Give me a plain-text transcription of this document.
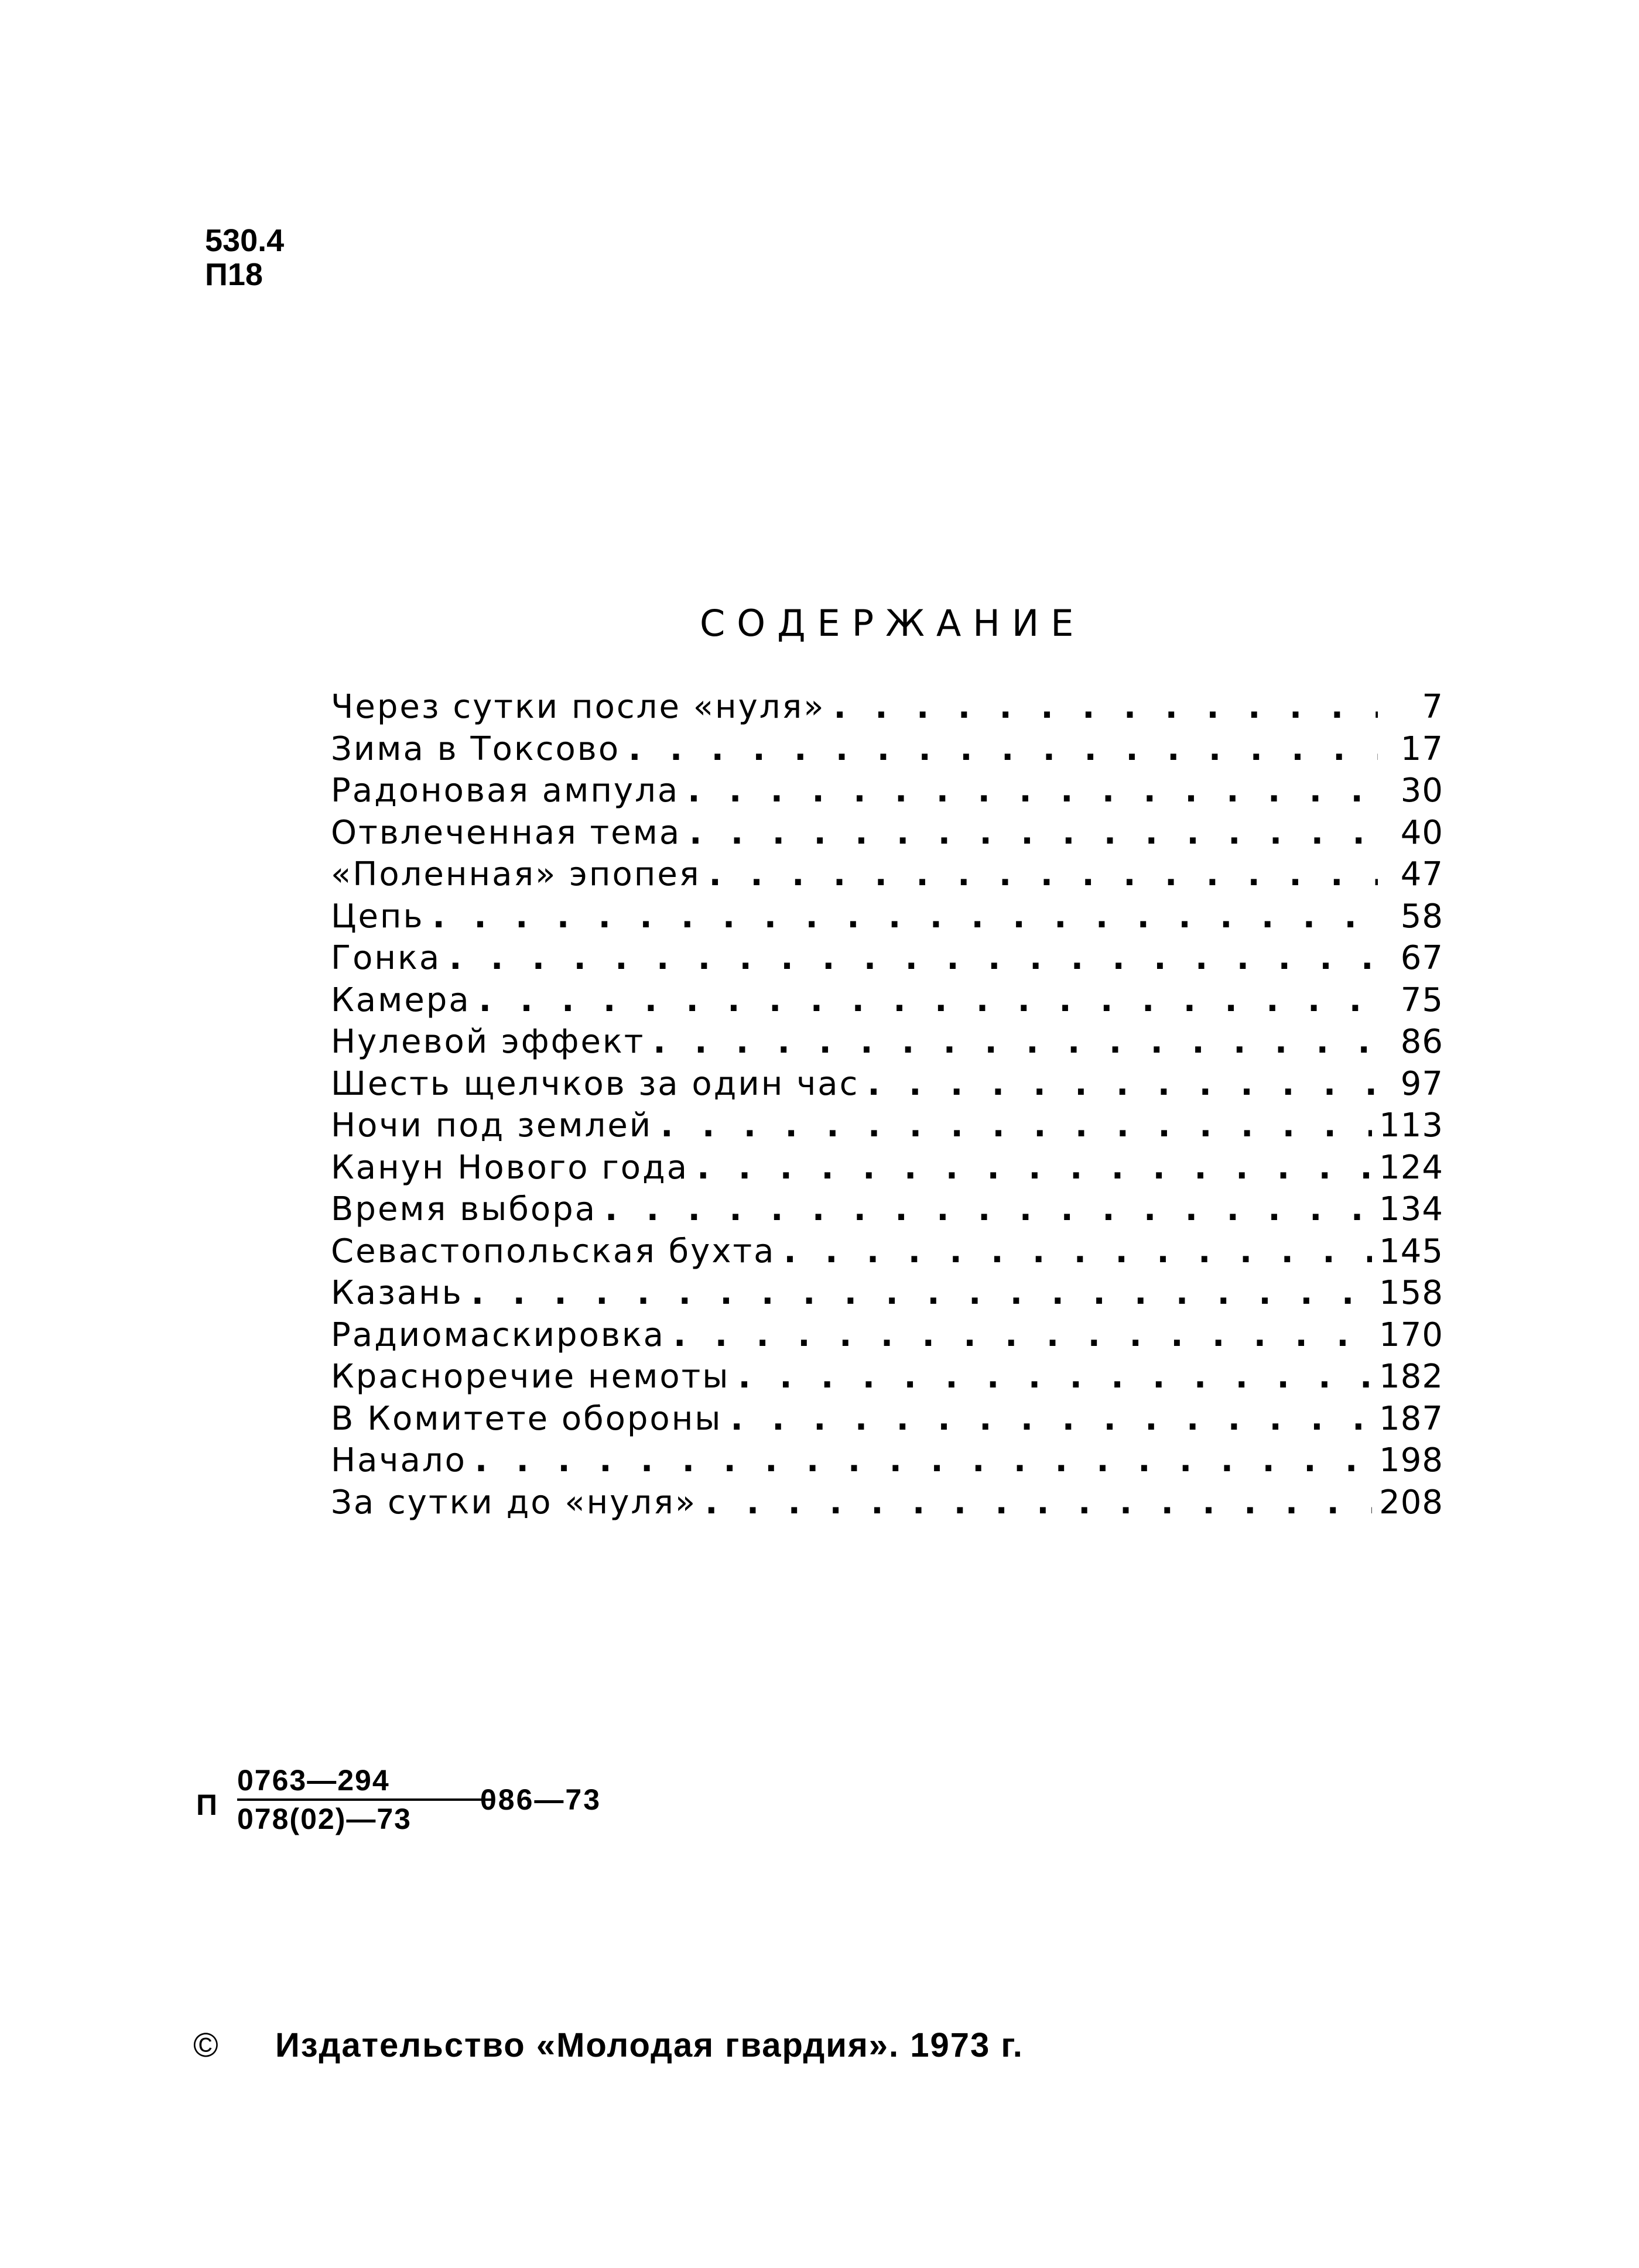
530.4
П18
СОДЕРЖАНИЕ
Через сутки после «нуля» . . .	7
Зима в Токсово . . .	17
Радоновая ампула . . .	30
Отвлеченная тема . . .	40
«Поленная» эпопея . . .	47
Цепь . . .	58
Гонка . . .	67
Камера . . .	75
Нулевой эффект . . .	86
Шесть щелчков за один час . . .	97
Ночи под землей . . .	113
Канун Нового года . . .	124
Время выбора . . .	134
Севастопольская бухта . . .	145
Казань . . .	158
Радиомаскировка . . .	170
Красноречие немоты . . .	182
В Комитете обороны . . .	187
Начало . . .	198
За сутки до «нуля» . . .	208
П
0763—294
078(02)—73
086—73
© Издательство «Молодая гвардия». 1973 г.
